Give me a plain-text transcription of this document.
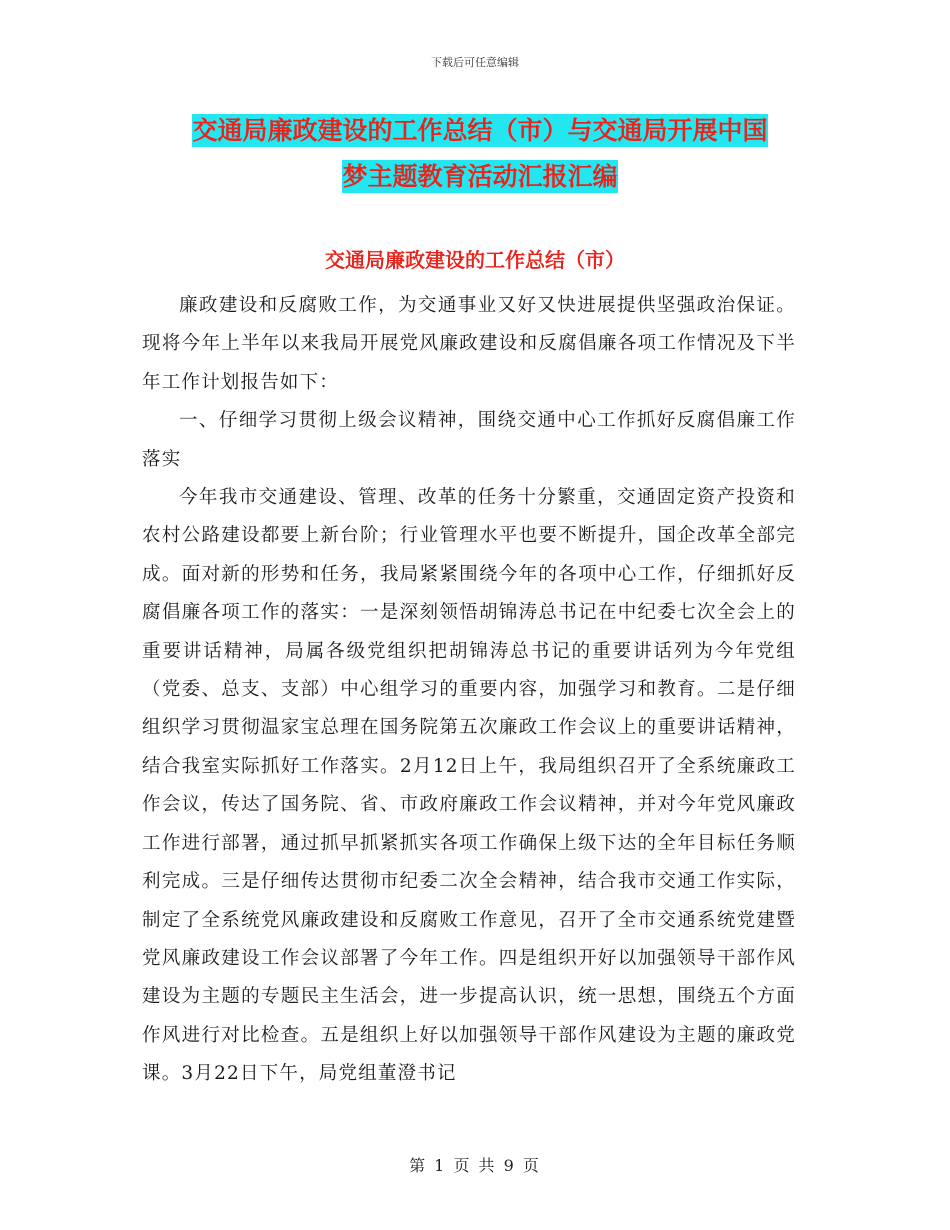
下载后可任意编辑
交通局廉政建设的工作总结（市）与交通局开展中国
梦主题教育活动汇报汇编
交通局廉政建设的工作总结（市）

廉政建设和反腐败工作，为交通事业又好又快进展提供坚强政治保证。现将今年上半年以来我局开展党风廉政建设和反腐倡廉各项工作情况及下半年工作计划报告如下：

一、仔细学习贯彻上级会议精神，围绕交通中心工作抓好反腐倡廉工作落实

今年我市交通建设、管理、改革的任务十分繁重，交通固定资产投资和农村公路建设都要上新台阶；行业管理水平也要不断提升，国企改革全部完成。面对新的形势和任务，我局紧紧围绕今年的各项中心工作，仔细抓好反腐倡廉各项工作的落实：一是深刻领悟胡锦涛总书记在中纪委七次全会上的重要讲话精神，局属各级党组织把胡锦涛总书记的重要讲话列为今年党组（党委、总支、支部）中心组学习的重要内容，加强学习和教育。二是仔细组织学习贯彻温家宝总理在国务院第五次廉政工作会议上的重要讲话精神，结合我室实际抓好工作落实。2月12日上午，我局组织召开了全系统廉政工作会议，传达了国务院、省、市政府廉政工作会议精神，并对今年党风廉政工作进行部署，通过抓早抓紧抓实各项工作确保上级下达的全年目标任务顺利完成。三是仔细传达贯彻市纪委二次全会精神，结合我市交通工作实际，制定了全系统党风廉政建设和反腐败工作意见，召开了全市交通系统党建暨党风廉政建设工作会议部署了今年工作。四是组织开好以加强领导干部作风建设为主题的专题民主生活会，进一步提高认识，统一思想，围绕五个方面作风进行对比检查。五是组织上好以加强领导干部作风建设为主题的廉政党课。3月22日下午，局党组董澄书记

第 1 页 共 9 页
